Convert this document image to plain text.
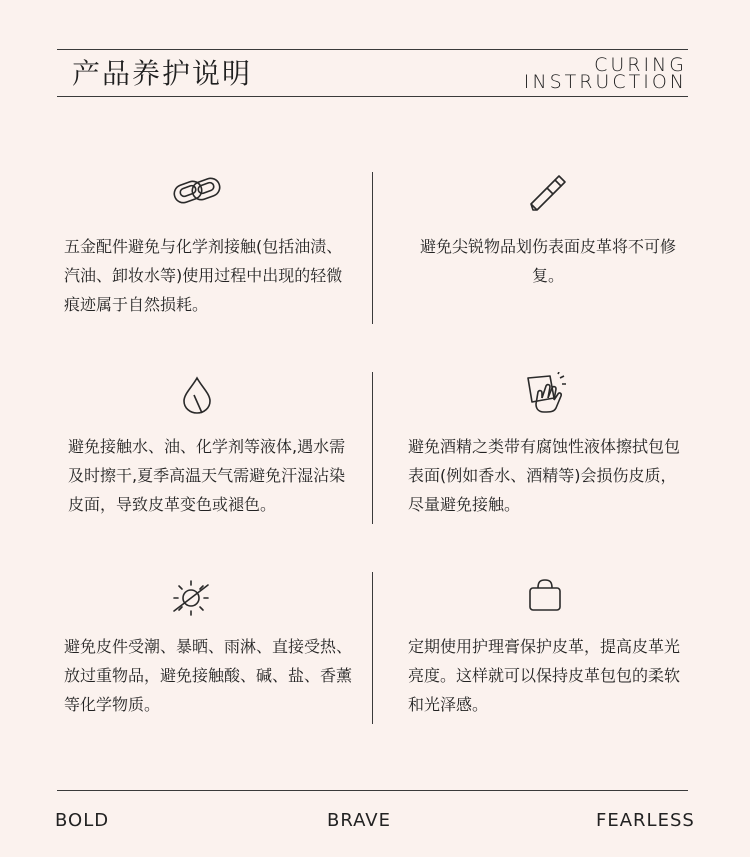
产品养护说明	CURING
INSTRUCTION
五金配件避免与化学剂接触(包括油渍、汽油、卸妆水等)使用过程中出现的轻微痕迹属于自然损耗。
避免尖锐物品划伤表面皮革将不可修复。
避免接触水、油、化学剂等液体,遇水需及时擦干,夏季高温天气需避免汗湿沾染皮面，导致皮革变色或褪色。
避免酒精之类带有腐蚀性液体擦拭包包表面(例如香水、酒精等)会损伤皮质，尽量避免接触。
避免皮件受潮、暴晒、雨淋、直接受热、放过重物品，避免接触酸、碱、盐、香薰等化学物质。
定期使用护理膏保护皮革，提高皮革光亮度。这样就可以保持皮革包包的柔软和光泽感。
BOLD	BRAVE	FEARLESS
